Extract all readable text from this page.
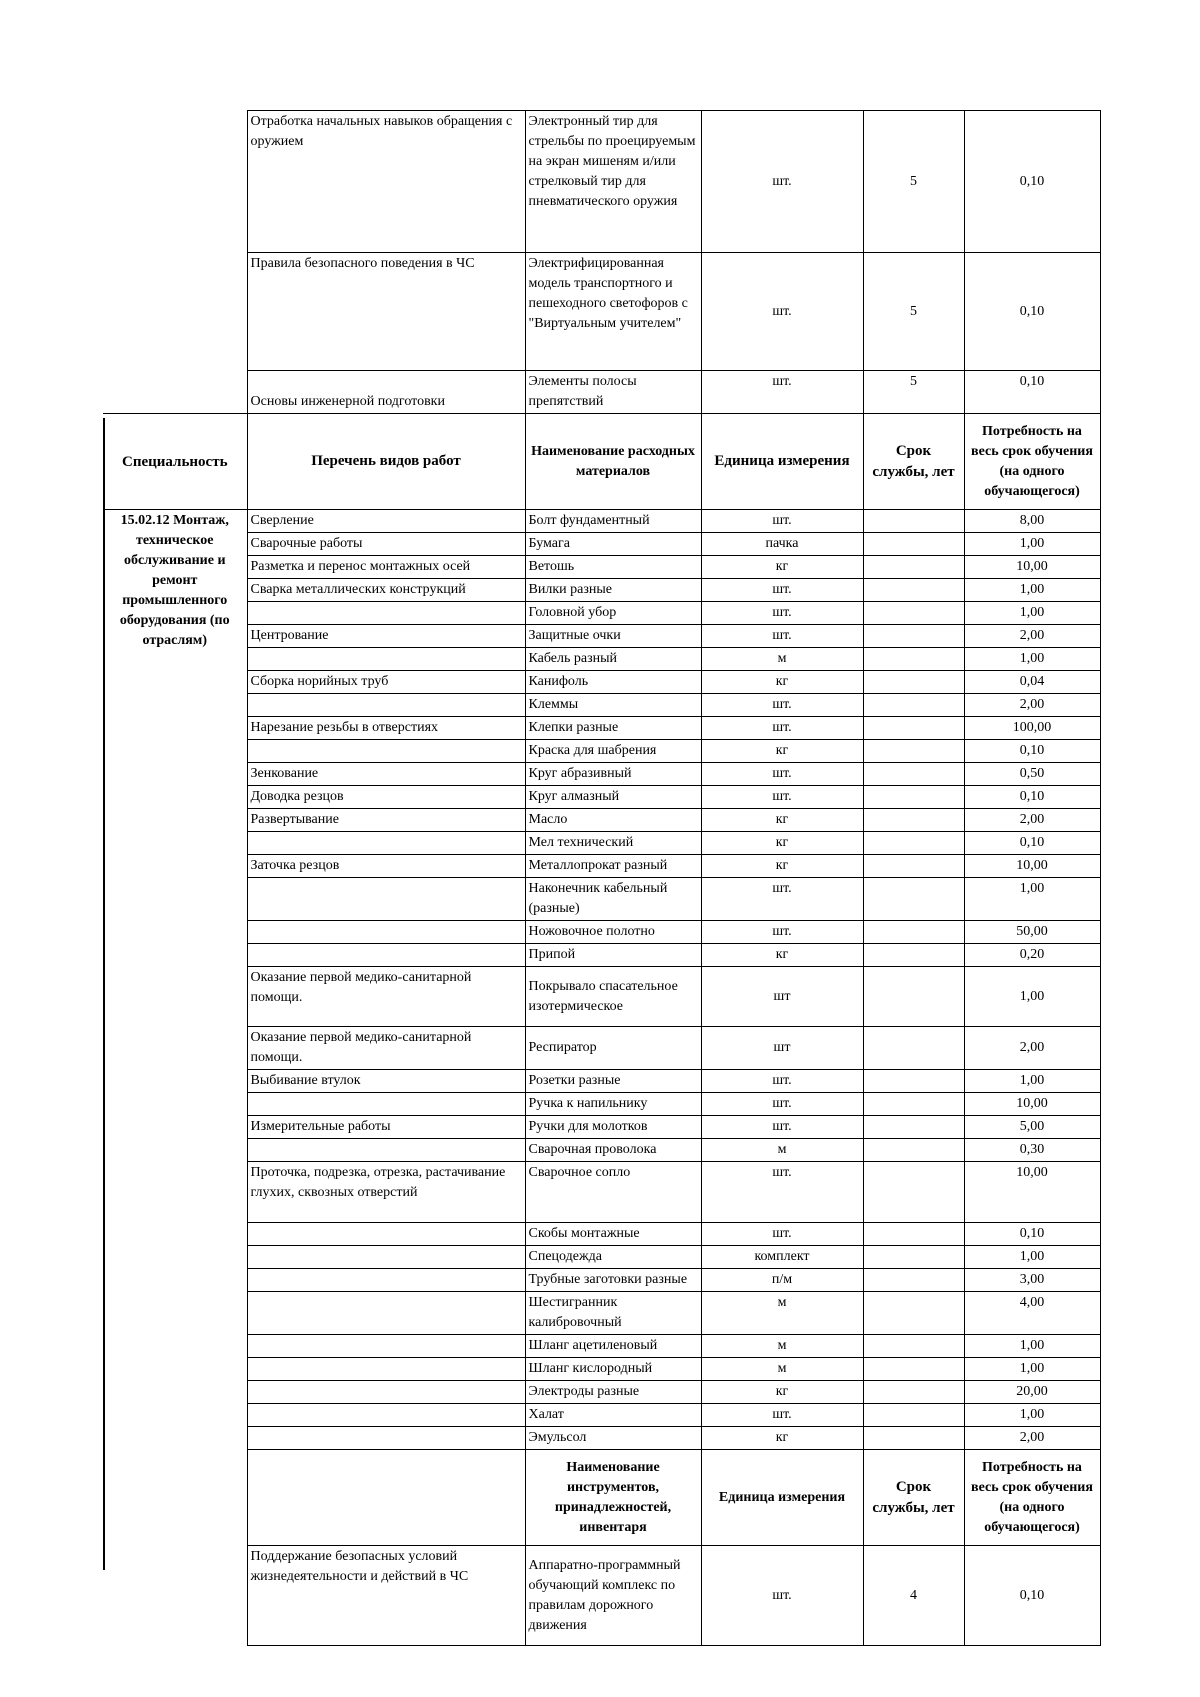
	Отработка начальных навыков обращения с оружием	Электронный тир для стрельбы по проецируемым на экран мишеням и/или стрелковый тир для пневматического оружия	шт.	5	0,10
	Правила безопасного поведения в ЧС	Электрифицированная модель транспортного и пешеходного светофоров с "Виртуальным учителем"	шт.	5	0,10
	Основы инженерной подготовки	Элементы полосы препятствий	шт.	5	0,10
Специальность	Перечень видов работ	Наименование расходных материалов	Единица измерения	Срок службы, лет	Потребность на весь срок обучения (на одного обучающегося)
15.02.12 Монтаж, техническое обслуживание и ремонт промышленного оборудования (по отраслям)	Сверление	Болт фундаментный	шт.		8,00
	Сварочные работы	Бумага	пачка		1,00
	Разметка и перенос монтажных осей	Ветошь	кг		10,00
	Сварка металлических конструкций	Вилки разные	шт.		1,00
		Головной убор	шт.		1,00
	Центрование	Защитные очки	шт.		2,00
		Кабель разный	м		1,00
	Сборка норийных труб	Канифоль	кг		0,04
		Клеммы	шт.		2,00
	Нарезание резьбы в отверстиях	Клепки разные	шт.		100,00
		Краска для шабрения	кг		0,10
	Зенкование	Круг абразивный	шт.		0,50
	Доводка резцов	Круг алмазный	шт.		0,10
	Развертывание	Масло	кг		2,00
		Мел технический	кг		0,10
	Заточка резцов	Металлопрокат разный	кг		10,00
		Наконечник кабельный (разные)	шт.		1,00
		Ножовочное полотно	шт.		50,00
		Припой	кг		0,20
	Оказание первой медико-санитарной помощи.	Покрывало спасательное изотермическое	шт		1,00
	Оказание первой медико-санитарной помощи.	Респиратор	шт		2,00
	Выбивание втулок	Розетки разные	шт.		1,00
		Ручка к напильнику	шт.		10,00
	Измерительные работы	Ручки для молотков	шт.		5,00
		Сварочная проволока	м		0,30
	Проточка, подрезка, отрезка, растачивание глухих, сквозных отверстий	Сварочное сопло	шт.		10,00
		Скобы монтажные	шт.		0,10
		Спецодежда	комплект		1,00
		Трубные заготовки разные	п/м		3,00
		Шестигранник калибровочный	м		4,00
		Шланг ацетиленовый	м		1,00
		Шланг кислородный	м		1,00
		Электроды разные	кг		20,00
		Халат	шт.		1,00
		Эмульсол	кг		2,00
		Наименование инструментов, принадлежностей, инвентаря	Единица измерения	Срок службы, лет	Потребность на весь срок обучения (на одного обучающегося)
	Поддержание безопасных условий жизнедеятельности и действий в ЧС	Аппаратно-программный обучающий комплекс по правилам дорожного движения	шт.	4	0,10
